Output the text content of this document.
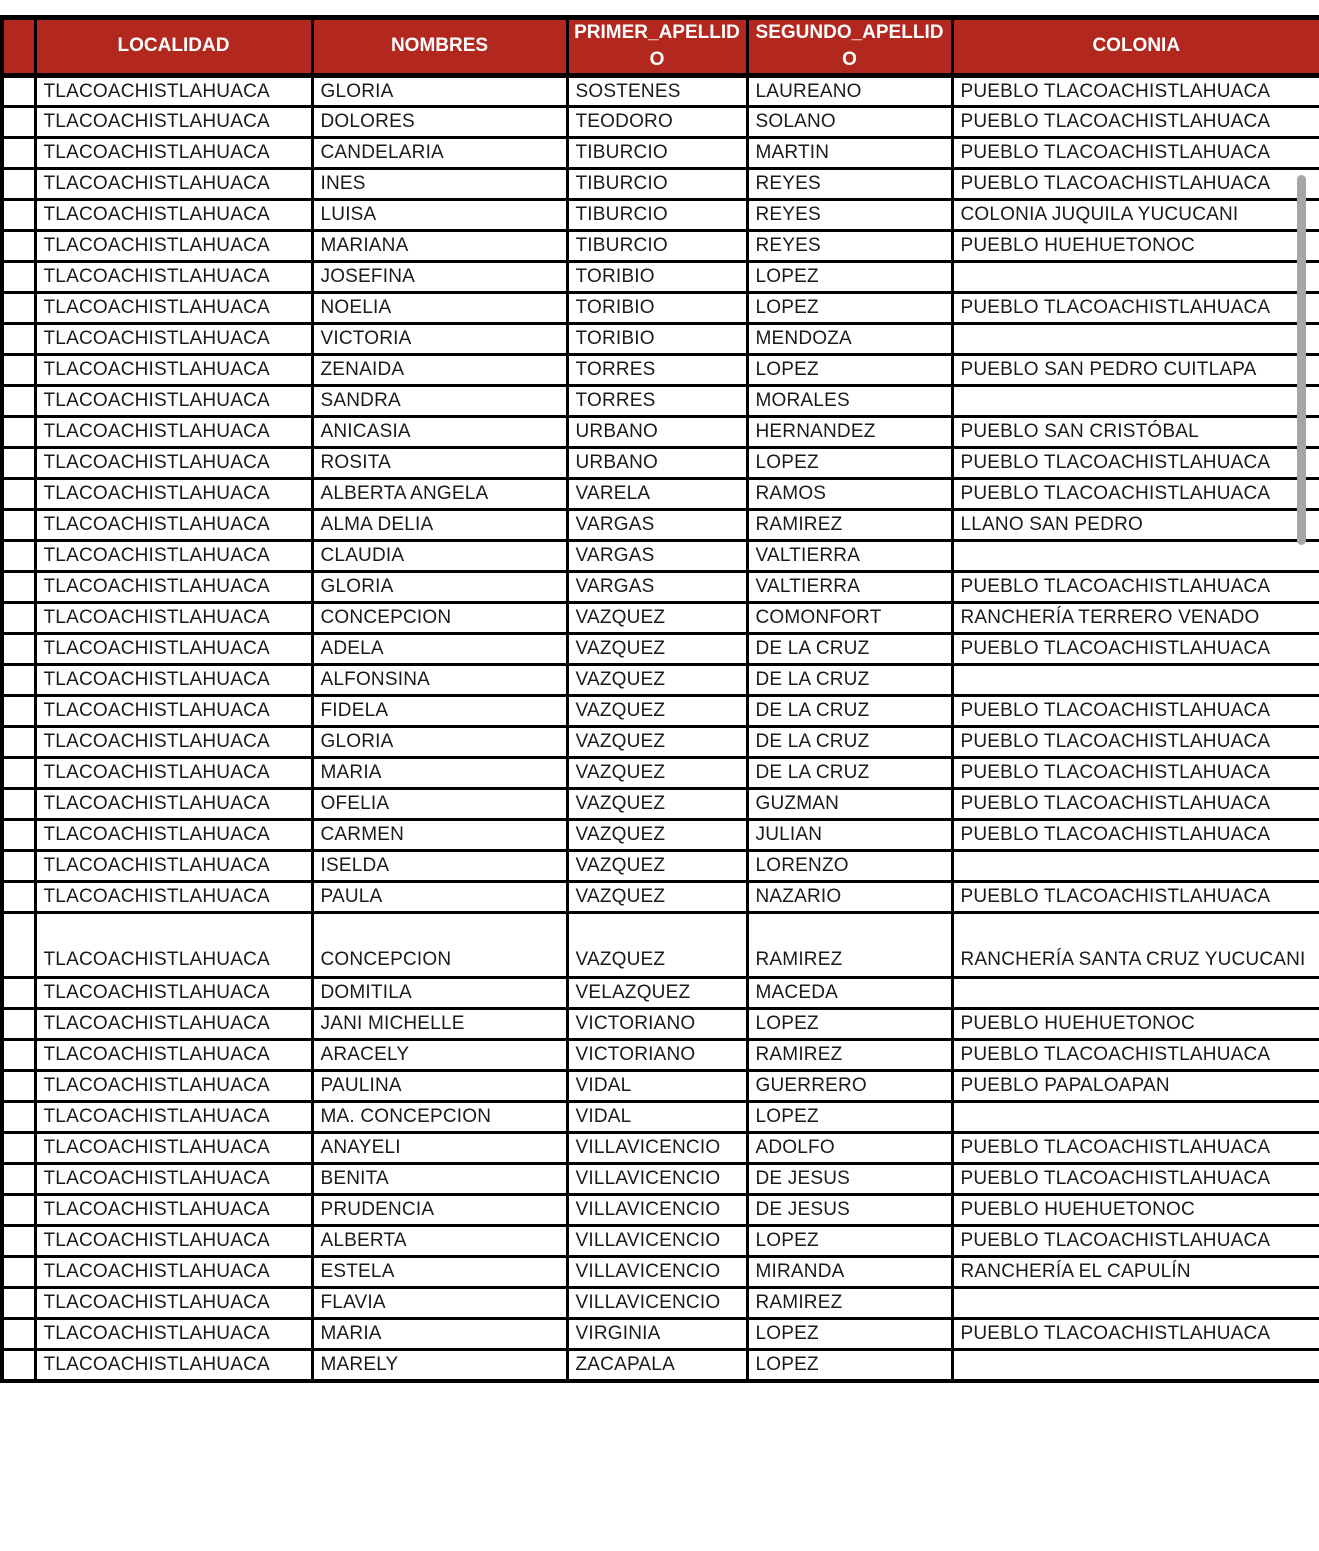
	LOCALIDAD	NOMBRES	PRIMER_APELLIDO	SEGUNDO_APELLIDO	COLONIA
	TLACOACHISTLAHUACA	GLORIA	SOSTENES	LAUREANO	PUEBLO TLACOACHISTLAHUACA
	TLACOACHISTLAHUACA	DOLORES	TEODORO	SOLANO	PUEBLO TLACOACHISTLAHUACA
	TLACOACHISTLAHUACA	CANDELARIA	TIBURCIO	MARTIN	PUEBLO TLACOACHISTLAHUACA
	TLACOACHISTLAHUACA	INES	TIBURCIO	REYES	PUEBLO TLACOACHISTLAHUACA
	TLACOACHISTLAHUACA	LUISA	TIBURCIO	REYES	COLONIA JUQUILA YUCUCANI
	TLACOACHISTLAHUACA	MARIANA	TIBURCIO	REYES	PUEBLO HUEHUETONOC
	TLACOACHISTLAHUACA	JOSEFINA	TORIBIO	LOPEZ	
	TLACOACHISTLAHUACA	NOELIA	TORIBIO	LOPEZ	PUEBLO TLACOACHISTLAHUACA
	TLACOACHISTLAHUACA	VICTORIA	TORIBIO	MENDOZA	
	TLACOACHISTLAHUACA	ZENAIDA	TORRES	LOPEZ	PUEBLO SAN PEDRO CUITLAPA
	TLACOACHISTLAHUACA	SANDRA	TORRES	MORALES	
	TLACOACHISTLAHUACA	ANICASIA	URBANO	HERNANDEZ	PUEBLO SAN CRISTÓBAL
	TLACOACHISTLAHUACA	ROSITA	URBANO	LOPEZ	PUEBLO TLACOACHISTLAHUACA
	TLACOACHISTLAHUACA	ALBERTA ANGELA	VARELA	RAMOS	PUEBLO TLACOACHISTLAHUACA
	TLACOACHISTLAHUACA	ALMA DELIA	VARGAS	RAMIREZ	LLANO SAN PEDRO
	TLACOACHISTLAHUACA	CLAUDIA	VARGAS	VALTIERRA	
	TLACOACHISTLAHUACA	GLORIA	VARGAS	VALTIERRA	PUEBLO TLACOACHISTLAHUACA
	TLACOACHISTLAHUACA	CONCEPCION	VAZQUEZ	COMONFORT	RANCHERÍA TERRERO VENADO
	TLACOACHISTLAHUACA	ADELA	VAZQUEZ	DE LA CRUZ	PUEBLO TLACOACHISTLAHUACA
	TLACOACHISTLAHUACA	ALFONSINA	VAZQUEZ	DE LA CRUZ	
	TLACOACHISTLAHUACA	FIDELA	VAZQUEZ	DE LA CRUZ	PUEBLO TLACOACHISTLAHUACA
	TLACOACHISTLAHUACA	GLORIA	VAZQUEZ	DE LA CRUZ	PUEBLO TLACOACHISTLAHUACA
	TLACOACHISTLAHUACA	MARIA	VAZQUEZ	DE LA CRUZ	PUEBLO TLACOACHISTLAHUACA
	TLACOACHISTLAHUACA	OFELIA	VAZQUEZ	GUZMAN	PUEBLO TLACOACHISTLAHUACA
	TLACOACHISTLAHUACA	CARMEN	VAZQUEZ	JULIAN	PUEBLO TLACOACHISTLAHUACA
	TLACOACHISTLAHUACA	ISELDA	VAZQUEZ	LORENZO	
	TLACOACHISTLAHUACA	PAULA	VAZQUEZ	NAZARIO	PUEBLO TLACOACHISTLAHUACA
	TLACOACHISTLAHUACA	CONCEPCION	VAZQUEZ	RAMIREZ	RANCHERÍA SANTA CRUZ YUCUCANI
	TLACOACHISTLAHUACA	DOMITILA	VELAZQUEZ	MACEDA	
	TLACOACHISTLAHUACA	JANI MICHELLE	VICTORIANO	LOPEZ	PUEBLO HUEHUETONOC
	TLACOACHISTLAHUACA	ARACELY	VICTORIANO	RAMIREZ	PUEBLO TLACOACHISTLAHUACA
	TLACOACHISTLAHUACA	PAULINA	VIDAL	GUERRERO	PUEBLO PAPALOAPAN
	TLACOACHISTLAHUACA	MA. CONCEPCION	VIDAL	LOPEZ	
	TLACOACHISTLAHUACA	ANAYELI	VILLAVICENCIO	ADOLFO	PUEBLO TLACOACHISTLAHUACA
	TLACOACHISTLAHUACA	BENITA	VILLAVICENCIO	DE JESUS	PUEBLO TLACOACHISTLAHUACA
	TLACOACHISTLAHUACA	PRUDENCIA	VILLAVICENCIO	DE JESUS	PUEBLO HUEHUETONOC
	TLACOACHISTLAHUACA	ALBERTA	VILLAVICENCIO	LOPEZ	PUEBLO TLACOACHISTLAHUACA
	TLACOACHISTLAHUACA	ESTELA	VILLAVICENCIO	MIRANDA	RANCHERÍA EL CAPULÍN
	TLACOACHISTLAHUACA	FLAVIA	VILLAVICENCIO	RAMIREZ	
	TLACOACHISTLAHUACA	MARIA	VIRGINIA	LOPEZ	PUEBLO TLACOACHISTLAHUACA
	TLACOACHISTLAHUACA	MARELY	ZACAPALA	LOPEZ	
